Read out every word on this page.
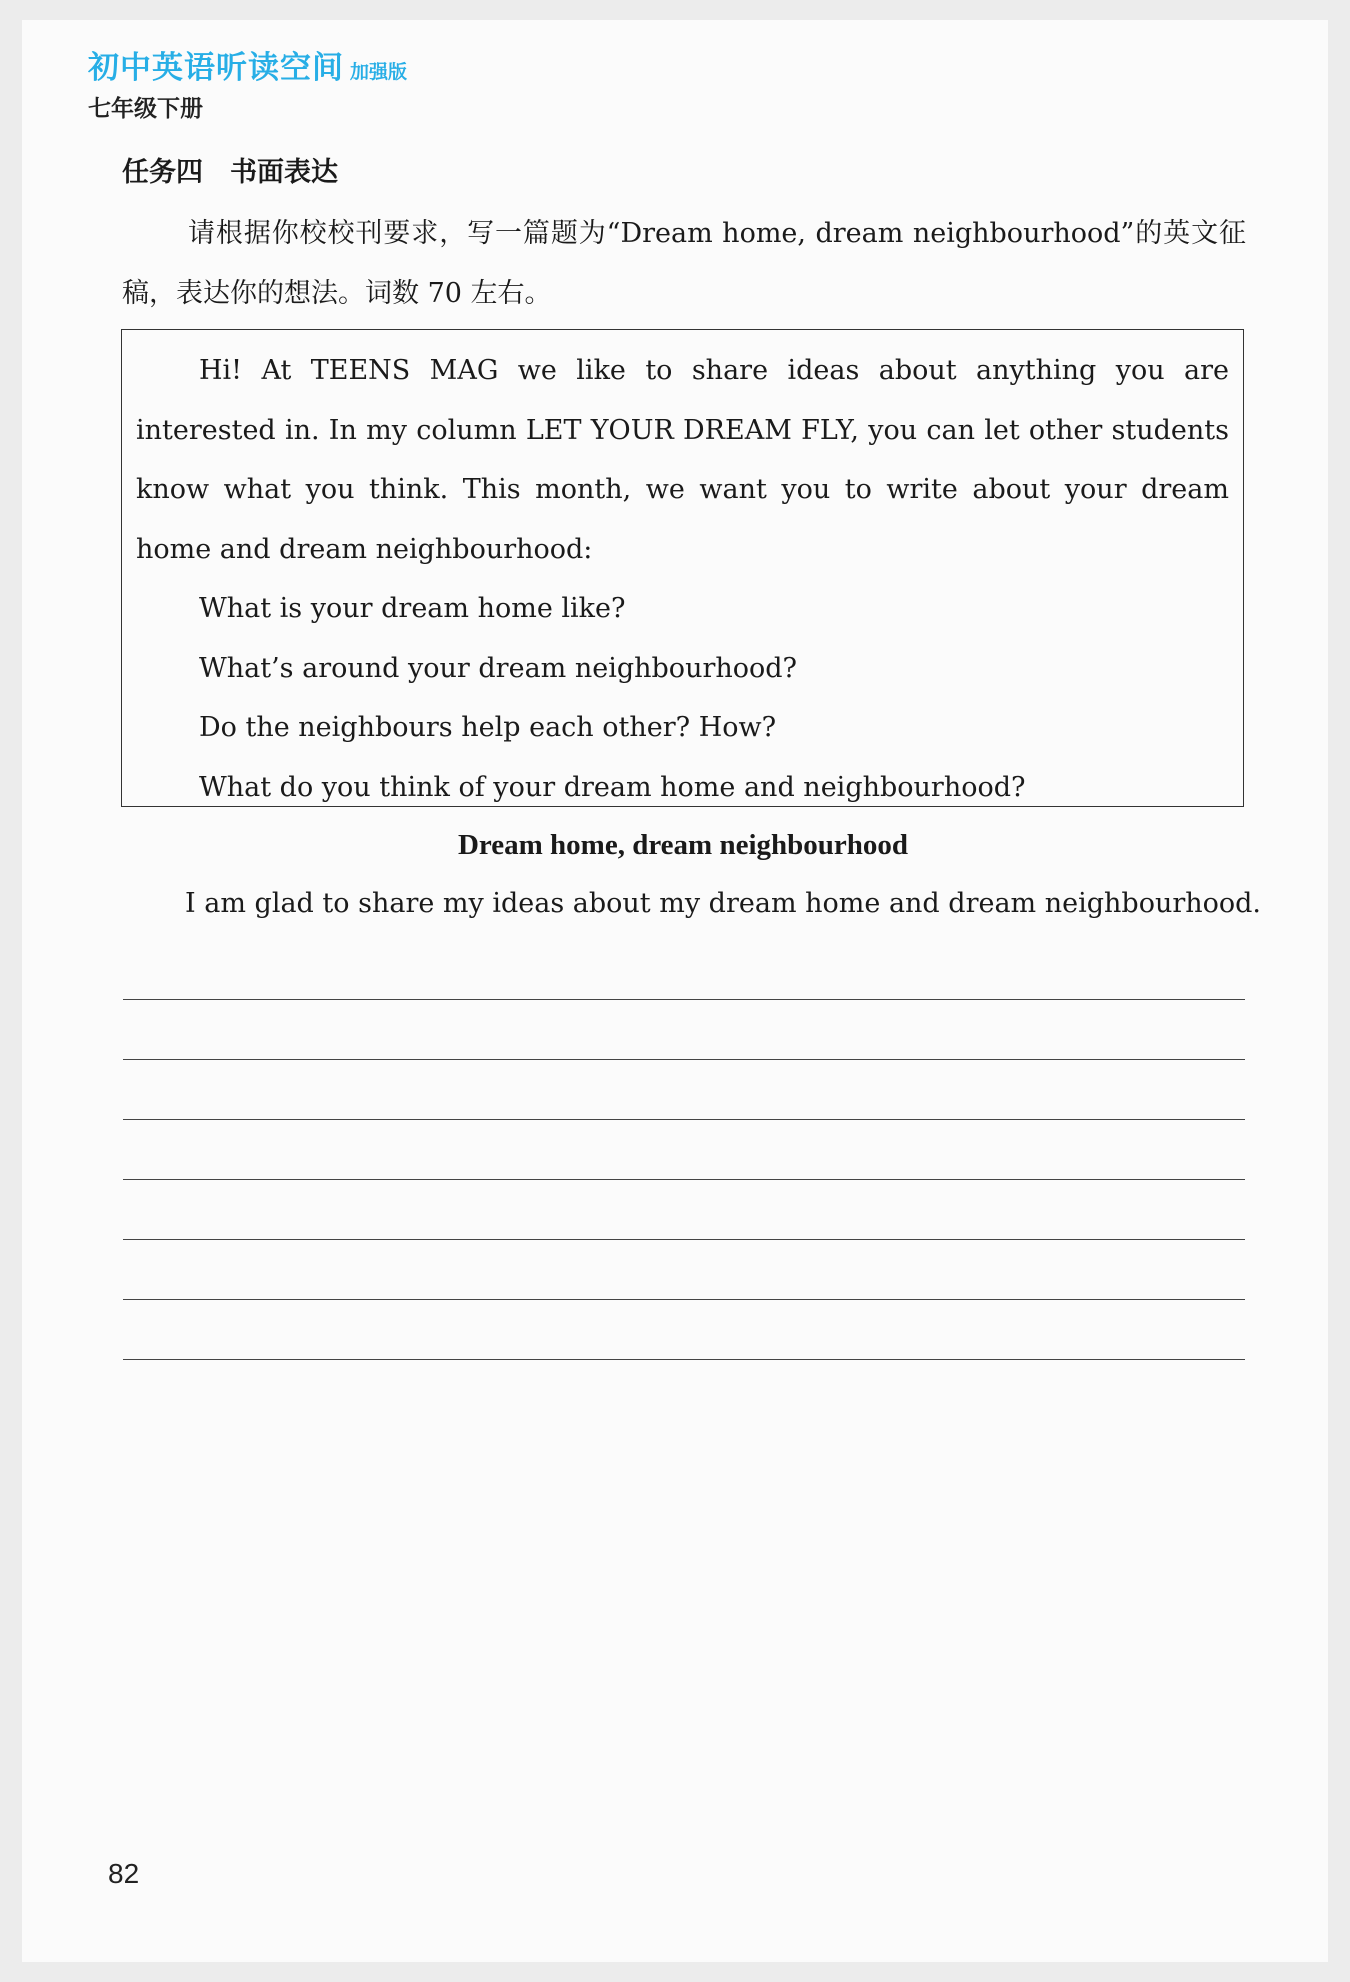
初中英语听读空间 加强版
七年级下册
任务四　书面表达
请根据你校校刊要求，写一篇题为“Dream home, dream neighbourhood”的英文征稿，表达你的想法。词数 70 左右。
Hi! At TEENS MAG we like to share ideas about anything you are interested in. In my column LET YOUR DREAM FLY, you can let other students know what you think. This month, we want you to write about your dream home and dream neighbourhood:
What is your dream home like?
What’s around your dream neighbourhood?
Do the neighbours help each other? How?
What do you think of your dream home and neighbourhood?
Dream home, dream neighbourhood
I am glad to share my ideas about my dream home and dream neighbourhood.
82
